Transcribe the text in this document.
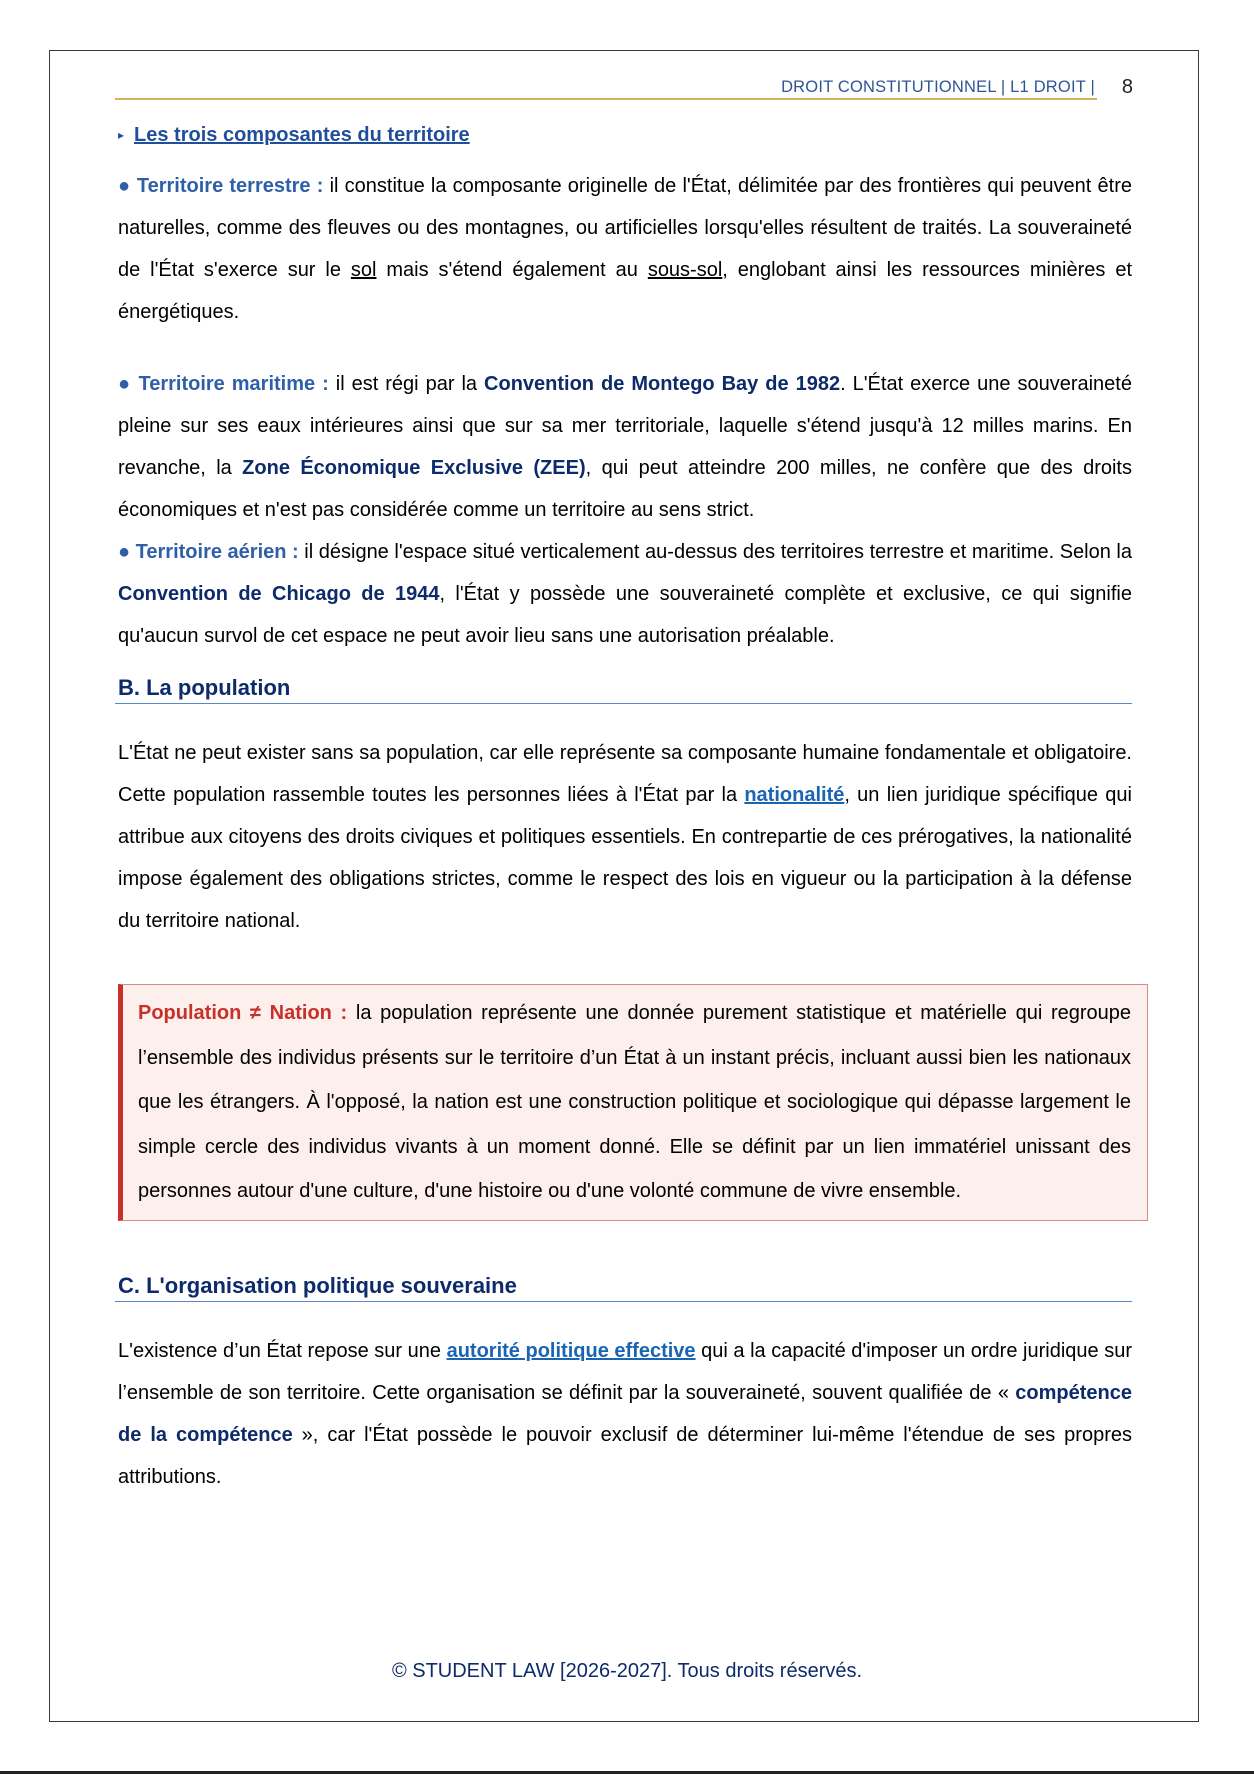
DROIT CONSTITUTIONNEL | L1 DROIT | 8
▸ Les trois composantes du territoire

● Territoire terrestre : il constitue la composante originelle de l'État, délimitée par des frontières qui peuvent être naturelles, comme des fleuves ou des montagnes, ou artificielles lorsqu'elles résultent de traités. La souveraineté de l'État s'exerce sur le sol mais s'étend également au sous-sol, englobant ainsi les ressources minières et énergétiques.

● Territoire maritime : il est régi par la Convention de Montego Bay de 1982. L'État exerce une souveraineté pleine sur ses eaux intérieures ainsi que sur sa mer territoriale, laquelle s'étend jusqu'à 12 milles marins. En revanche, la Zone Économique Exclusive (ZEE), qui peut atteindre 200 milles, ne confère que des droits économiques et n'est pas considérée comme un territoire au sens strict.

● Territoire aérien : il désigne l'espace situé verticalement au-dessus des territoires terrestre et maritime. Selon la Convention de Chicago de 1944, l'État y possède une souveraineté complète et exclusive, ce qui signifie qu'aucun survol de cet espace ne peut avoir lieu sans une autorisation préalable.

B. La population

L'État ne peut exister sans sa population, car elle représente sa composante humaine fondamentale et obligatoire. Cette population rassemble toutes les personnes liées à l'État par la nationalité, un lien juridique spécifique qui attribue aux citoyens des droits civiques et politiques essentiels. En contrepartie de ces prérogatives, la nationalité impose également des obligations strictes, comme le respect des lois en vigueur ou la participation à la défense du territoire national.

Population ≠ Nation : la population représente une donnée purement statistique et matérielle qui regroupe l’ensemble des individus présents sur le territoire d’un État à un instant précis, incluant aussi bien les nationaux que les étrangers. À l'opposé, la nation est une construction politique et sociologique qui dépasse largement le simple cercle des individus vivants à un moment donné. Elle se définit par un lien immatériel unissant des personnes autour d'une culture, d'une histoire ou d'une volonté commune de vivre ensemble.

C. L'organisation politique souveraine

L'existence d’un État repose sur une autorité politique effective qui a la capacité d'imposer un ordre juridique sur l’ensemble de son territoire. Cette organisation se définit par la souveraineté, souvent qualifiée de « compétence de la compétence », car l'État possède le pouvoir exclusif de déterminer lui-même l'étendue de ses propres attributions.

© STUDENT LAW [2026-2027]. Tous droits réservés.
